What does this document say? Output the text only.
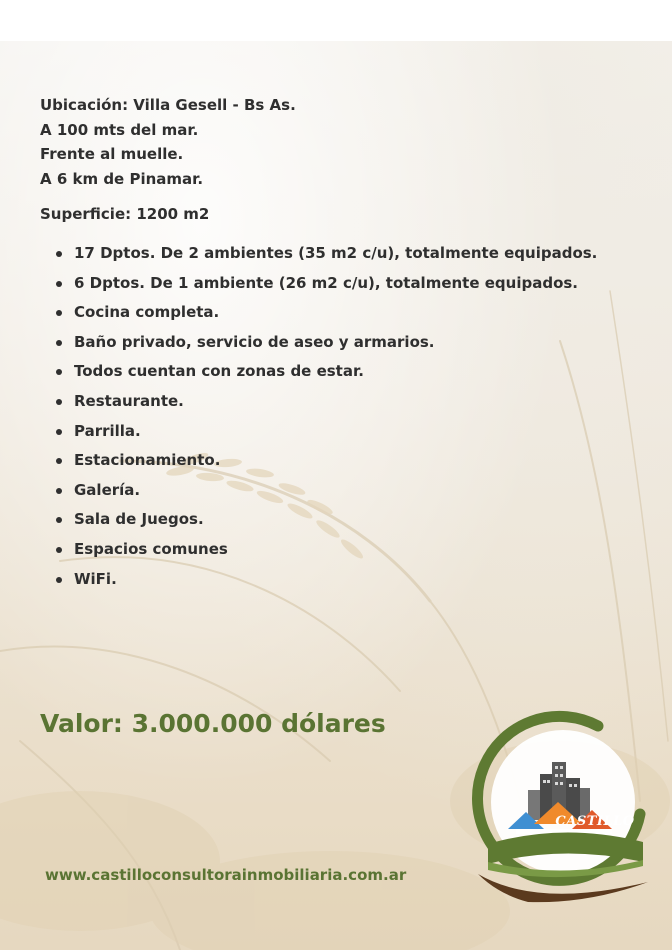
Ubicación: Villa Gesell - Bs As.
A 100 mts del mar.
Frente al muelle.
A 6 km de Pinamar.
Superficie: 1200 m2
17 Dptos. De 2 ambientes (35 m2 c/u), totalmente equipados.
6 Dptos. De 1 ambiente (26 m2 c/u), totalmente equipados.
Cocina completa.
Baño privado, servicio de aseo y armarios.
Todos cuentan con zonas de estar.
Restaurante.
Parrilla.
Estacionamiento.
Galería.
Sala de Juegos.
Espacios comunes
WiFi.
Valor: 3.000.000 dólares
CASTILLO
www.castilloconsultorainmobiliaria.com.ar
